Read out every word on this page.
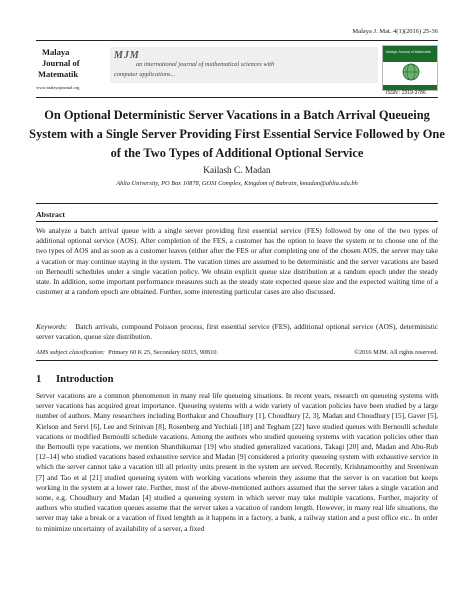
Malaya J. Mat. 4(1)(2016) 25-36
Malaya
Journal of
Matematik
www.malayajournal.org
MJM
an international journal of mathematical sciences with
computer applications...
Malaya Journal of Matematik
ISSN : 2319-3786
On Optional Deterministic Server Vacations in a Batch Arrival Queueing System with a Single Server Providing First Essential Service Followed by One of the Two Types of Additional Optional Service
Kailash C. Madan
Ahlia University, PO Box 10878, GOSI Complex, Kingdom of Bahrain, kmadan@ahlia.edu.bh
Abstract
We analyze a batch arrival queue with a single server providing first essential service (FES) followed by one of the two types of additional optional service (AOS). After completion of the FES, a customer has the option to leave the system or to choose one of the two types of AOS and as soon as a customer leaves (either after the FES or after completing one of the chosen AOS, the server may take a vacation or may continue staying in the system. The vacation times are assumed to be deterministic and the server vacations are based on Bernoulli schedules under a single vacation policy. We obtain explicit queue size distribution at a random epoch under the steady state. In addition, some important performance measures such as the steady state expected queue size and the expected waiting time of a customer at a random epoch are obtained. Further, some interesting particular cases are also discussed.
Keywords: Batch arrivals, compound Poisson process, first essential service (FES), additional optional service (AOS), deterministic server vacation, queue size distribution.
AMS subject classification: Primary 60 K 25, Secondary 60J15, 90B10.	©2016 MJM. All rights reserved.
1 Introduction
Server vacations are a common phenomenon in many real life queueing situations. In recent years, research on queueing systems with server vacations has acquired great importance. Queueing systems with a wide variety of vacation policies have been studied by a large number of authors. Many researchers including Borthakur and Choudhury [1], Choudhury [2, 3], Madan and Choudhury [15], Gaver [5], Kielson and Servi [6], Lee and Srinivan [8], Rosenberg and Yechiali [18] and Tegham [22] have studied queues with Bernoulli schedule vacations or modified Bernoulli schedule vacations. Among the authors who studied queueing systems with vacation policies other than the Bernoulli type vacations, we mention Shanthikumar [19] who studied generalized vacations, Takagi [20] and, Madan and Abu-Rub [12–14] who studied vacations based exhaustive service and Madan [9] considered a priority queueing system with exhaustive service in which the server cannot take a vacation till all priority units present in the system are served. Recently, Krishnamoorthy and Sreeniwan [7] and Tao et al [21] studied queueing system with working vacations wherein they assume that the server is on vacation but keeps working in the system at a lower rate. Further, most of the above-mentioned authors assumed that the server takes a single vacation and some, e.g. Choudhury and Madan [4] studied a queueing system in which server may take multiple vacations. Further, majority of authors who studied vacation queues assume that the server takes a vacation of random length. However, in many real life situations, the server may take a break or a vacation of fixed lenghth as it happens in a factory, a bank, a railway station and a post office etc.. In order to minimize uncertainty of availability of a server, a fixed
